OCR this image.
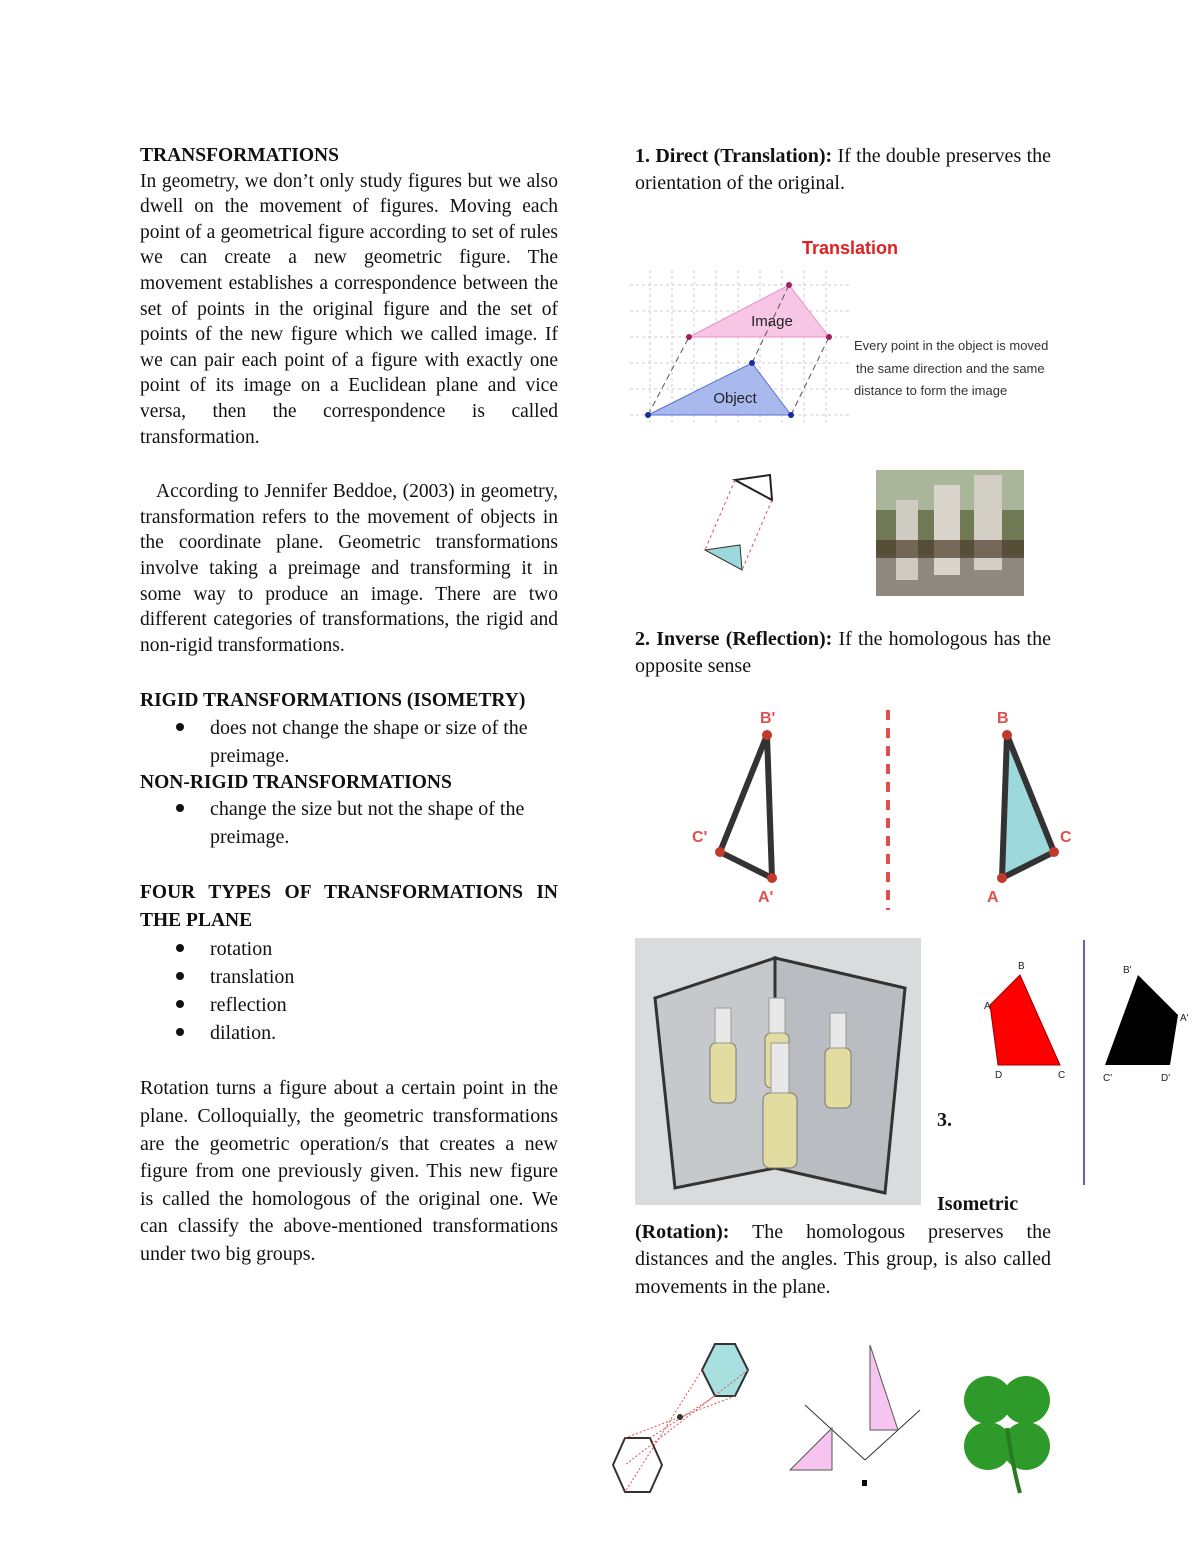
TRANSFORMATIONS

In geometry, we don’t only study figures but we also dwell on the movement of figures. Moving each point of a geometrical figure according to set of rules we can create a new geometric figure. The movement establishes a correspondence between the set of points in the original figure and the set of points of the new figure which we called image. If we can pair each point of a figure with exactly one point of its image on a Euclidean plane and vice versa, then the correspondence is called transformation.

According to Jennifer Beddoe, (2003) in geometry, transformation refers to the movement of objects in the coordinate plane. Geometric transformations involve taking a preimage and transforming it in some way to produce an image. There are two different categories of transformations, the rigid and non-rigid transformations.

RIGID TRANSFORMATIONS (ISOMETRY)
does not change the shape or size of the preimage.
NON-RIGID TRANSFORMATIONS
change the size but not the shape of the preimage.
FOUR TYPES OF TRANSFORMATIONS IN THE PLANE
rotation
translation
reflection
dilation.

Rotation turns a figure about a certain point in the plane. Colloquially, the geometric transformations are the geometric operation/s that creates a new figure from one previously given. This new figure is called the homologous of the original one. We can classify the above-mentioned transformations under two big groups.

1. Direct (Translation): If the double preserves the orientation of the original.

Translation
Image
Object
Every point in the object is moved
the same direction and the same
distance to form the image

2. Inverse (Reflection): If the homologous has the opposite sense

B'
C'
A'
B
C
A
B
A
D	C
B'
A'
C'	D'
3.

Isometric (Rotation): The homologous preserves the distances and the angles. This group, is also called movements in the plane.
